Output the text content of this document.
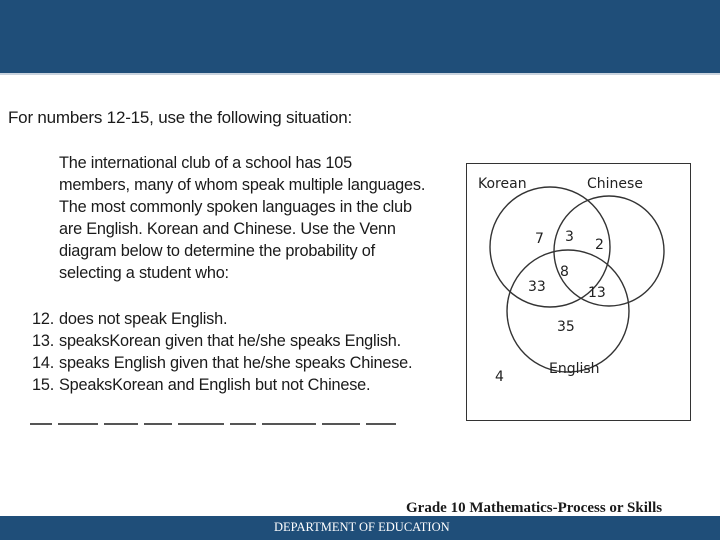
For numbers 12-15, use the following situation:
The international club of a school has 105
members, many of whom speak multiple languages.
The most commonly spoken languages in the club
are English. Korean and Chinese. Use the Venn
diagram below to determine the probability of
selecting a student who:
12. does not speak English.
13. speaksKorean given that he/she speaks English.
14. speaks English given that he/she speaks Chinese.
15. SpeaksKorean and English but not Chinese.
Korean	Chinese
English
7 3 2
8
33	13
35
4
Grade 10 Mathematics-Process or Skills
DEPARTMENT OF EDUCATION
